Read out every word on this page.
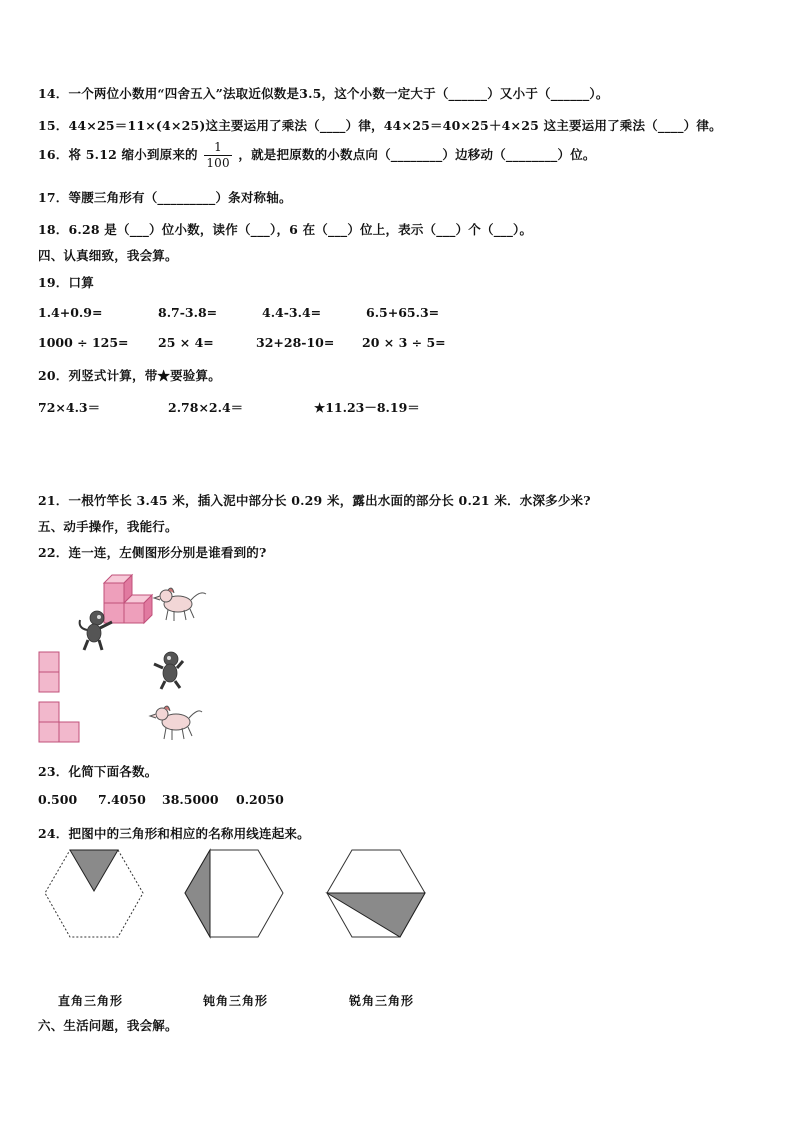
14．一个两位小数用“四舍五入”法取近似数是3.5，这个小数一定大于（______）又小于（______）。
15．44×25＝11×(4×25)这主要运用了乘法（____）律，44×25＝40×25＋4×25 这主要运用了乘法（____）律。
16．将 5.12 缩小到原来的 $\frac{1}{100}$ ，就是把原数的小数点向（________）边移动（________）位。
17．等腰三角形有（_________）条对称轴。
18．6.28 是（___）位小数，读作（___），6 在（___）位上，表示（___）个（___）。
四、认真细致，我会算。
19．口算
1.4+0.9=	8.7-3.8=	4.4-3.4=	6.5+65.3=
1000 ÷ 125= 25 × 4=	32+28-10= 20 × 3 ÷ 5=
20．列竖式计算，带★要验算。
72×4.3＝	2.78×2.4＝	★11.23－8.19＝
21．一根竹竿长 3.45 米，插入泥中部分长 0.29 米，露出水面的部分长 0.21 米．水深多少米?
五、动手操作，我能行。
22．连一连，左侧图形分别是谁看到的?
23．化简下面各数。
0.500 7.4050 38.5000 0.2050
24．把图中的三角形和相应的名称用线连起来。
直角三角形	钝角三角形	锐角三角形
六、生活问题，我会解。
